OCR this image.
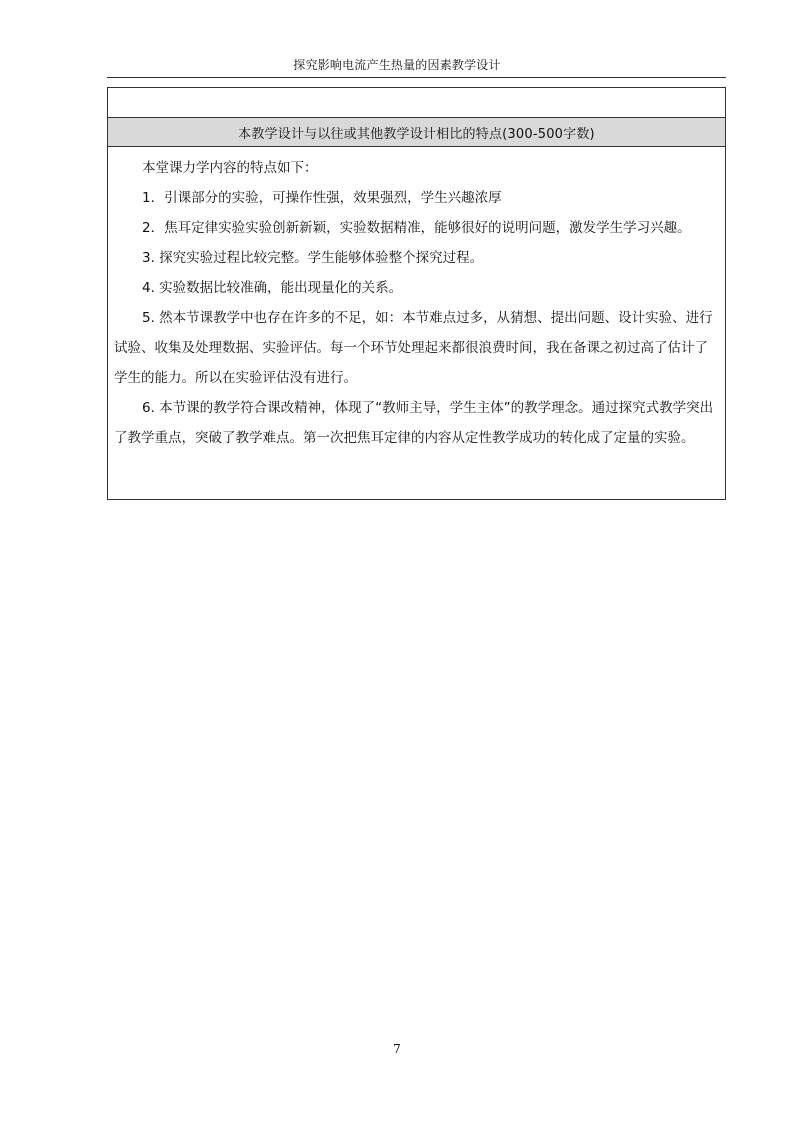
探究影响电流产生热量的因素教学设计

本教学设计与以往或其他教学设计相比的特点(300-500字数)

本堂课力学内容的特点如下：

1．引课部分的实验，可操作性强，效果强烈，学生兴趣浓厚

2．焦耳定律实验实验创新新颖，实验数据精准，能够很好的说明问题，激发学生学习兴趣。

3. 探究实验过程比较完整。学生能够体验整个探究过程。

4. 实验数据比较准确，能出现量化的关系。

5. 然本节课教学中也存在许多的不足，如：本节难点过多，从猜想、提出问题、设计实验、进行试验、收集及处理数据、实验评估。每一个环节处理起来都很浪费时间，我在备课之初过高了估计了学生的能力。所以在实验评估没有进行。

6. 本节课的教学符合课改精神，体现了“教师主导，学生主体”的教学理念。通过探究式教学突出了教学重点，突破了教学难点。第一次把焦耳定律的内容从定性教学成功的转化成了定量的实验。

7
